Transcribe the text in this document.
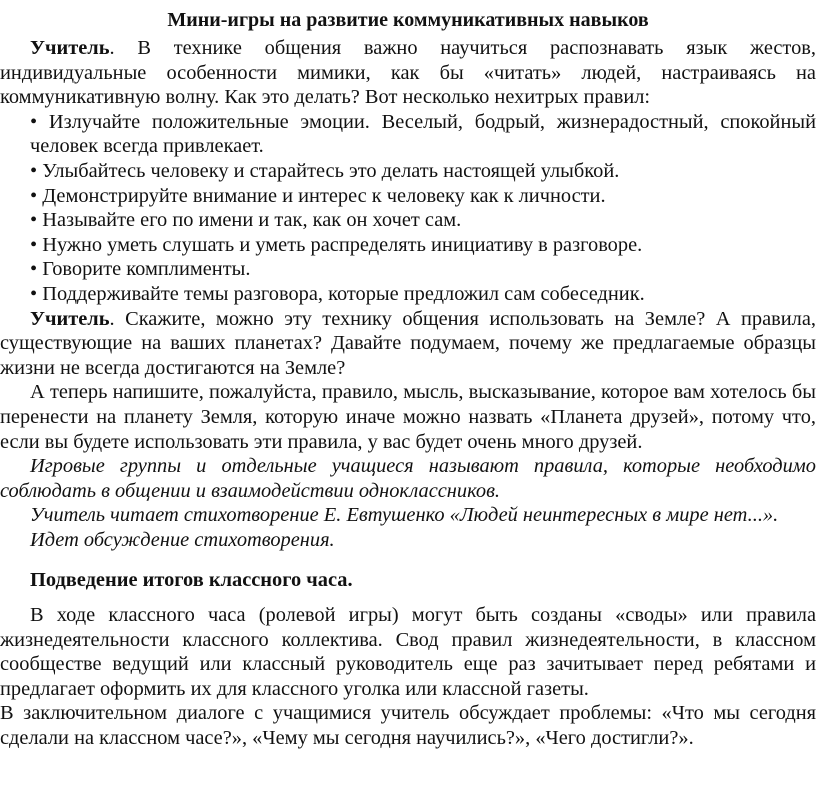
Мини-игры на развитие коммуникативных навыков

Учитель. В технике общения важно научиться распознавать язык жестов, индивидуальные особенности мимики, как бы «читать» людей, настраиваясь на коммуникативную волну. Как это делать? Вот несколько нехитрых правил:

• Излучайте положительные эмоции. Веселый, бодрый, жизнерадостный, спокойный человек всегда привлекает.

• Улыбайтесь человеку и старайтесь это делать настоящей улыбкой.

• Демонстрируйте внимание и интерес к человеку как к личности.

• Называйте его по имени и так, как он хочет сам.

• Нужно уметь слушать и уметь распределять инициативу в разговоре.

• Говорите комплименты.

• Поддерживайте темы разговора, которые предложил сам собеседник.

Учитель. Скажите, можно эту технику общения использовать на Земле? А правила, существующие на ваших планетах? Давайте подумаем, почему же предлагаемые образцы жизни не всегда достигаются на Земле?

А теперь напишите, пожалуйста, правило, мысль, высказывание, которое вам хотелось бы перенести на планету Земля, которую иначе можно назвать «Планета друзей», потому что, если вы будете использовать эти правила, у вас будет очень много друзей.

Игровые группы и отдельные учащиеся называют правила, которые необходимо соблюдать в общении и взаимодействии одноклассников.

Учитель читает стихотворение Е. Евтушенко «Людей неинтересных в мире нет...».

Идет обсуждение стихотворения.

Подведение итогов классного часа.

В ходе классного часа (ролевой игры) могут быть созданы «своды» или правила жизнедеятельности классного коллектива. Свод правил жизнедеятельности, в классном сообществе ведущий или классный руководитель еще раз зачитывает перед ребятами и предлагает оформить их для классного уголка или классной газеты.

В заключительном диалоге с учащимися учитель обсуждает проблемы: «Что мы сегодня сделали на классном часе?», «Чему мы сегодня научились?», «Чего достигли?».
